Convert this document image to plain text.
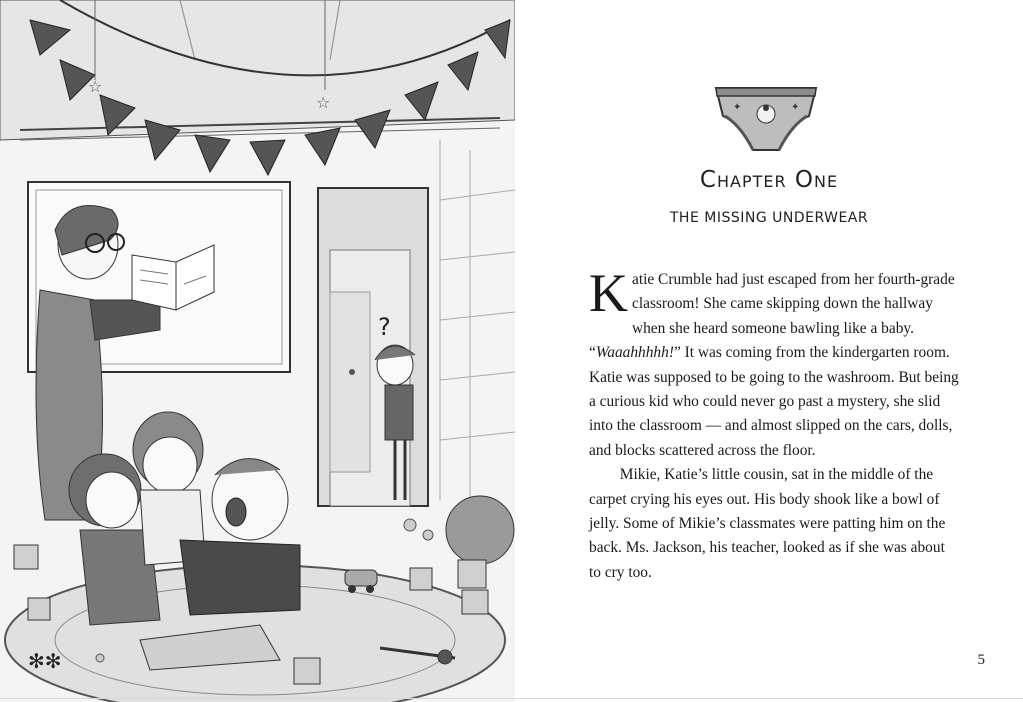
☆
☆
?
✻✻
✦	✦
Chapter One
THE MISSING UNDERWEAR

Katie Crumble had just escaped from her fourth-grade classroom! She came skipping down the hallway when she heard someone bawling like a baby. “Waaahhhhh!” It was coming from the kindergarten room. Katie was supposed to be going to the washroom. But being a curious kid who could never go past a mystery, she slid into the classroom — and almost slipped on the cars, dolls, and blocks scattered across the floor.

Mikie, Katie’s little cousin, sat in the middle of the carpet crying his eyes out. His body shook like a bowl of jelly. Some of Mikie’s classmates were patting him on the back. Ms. Jackson, his teacher, looked as if she was about to cry too.

5
